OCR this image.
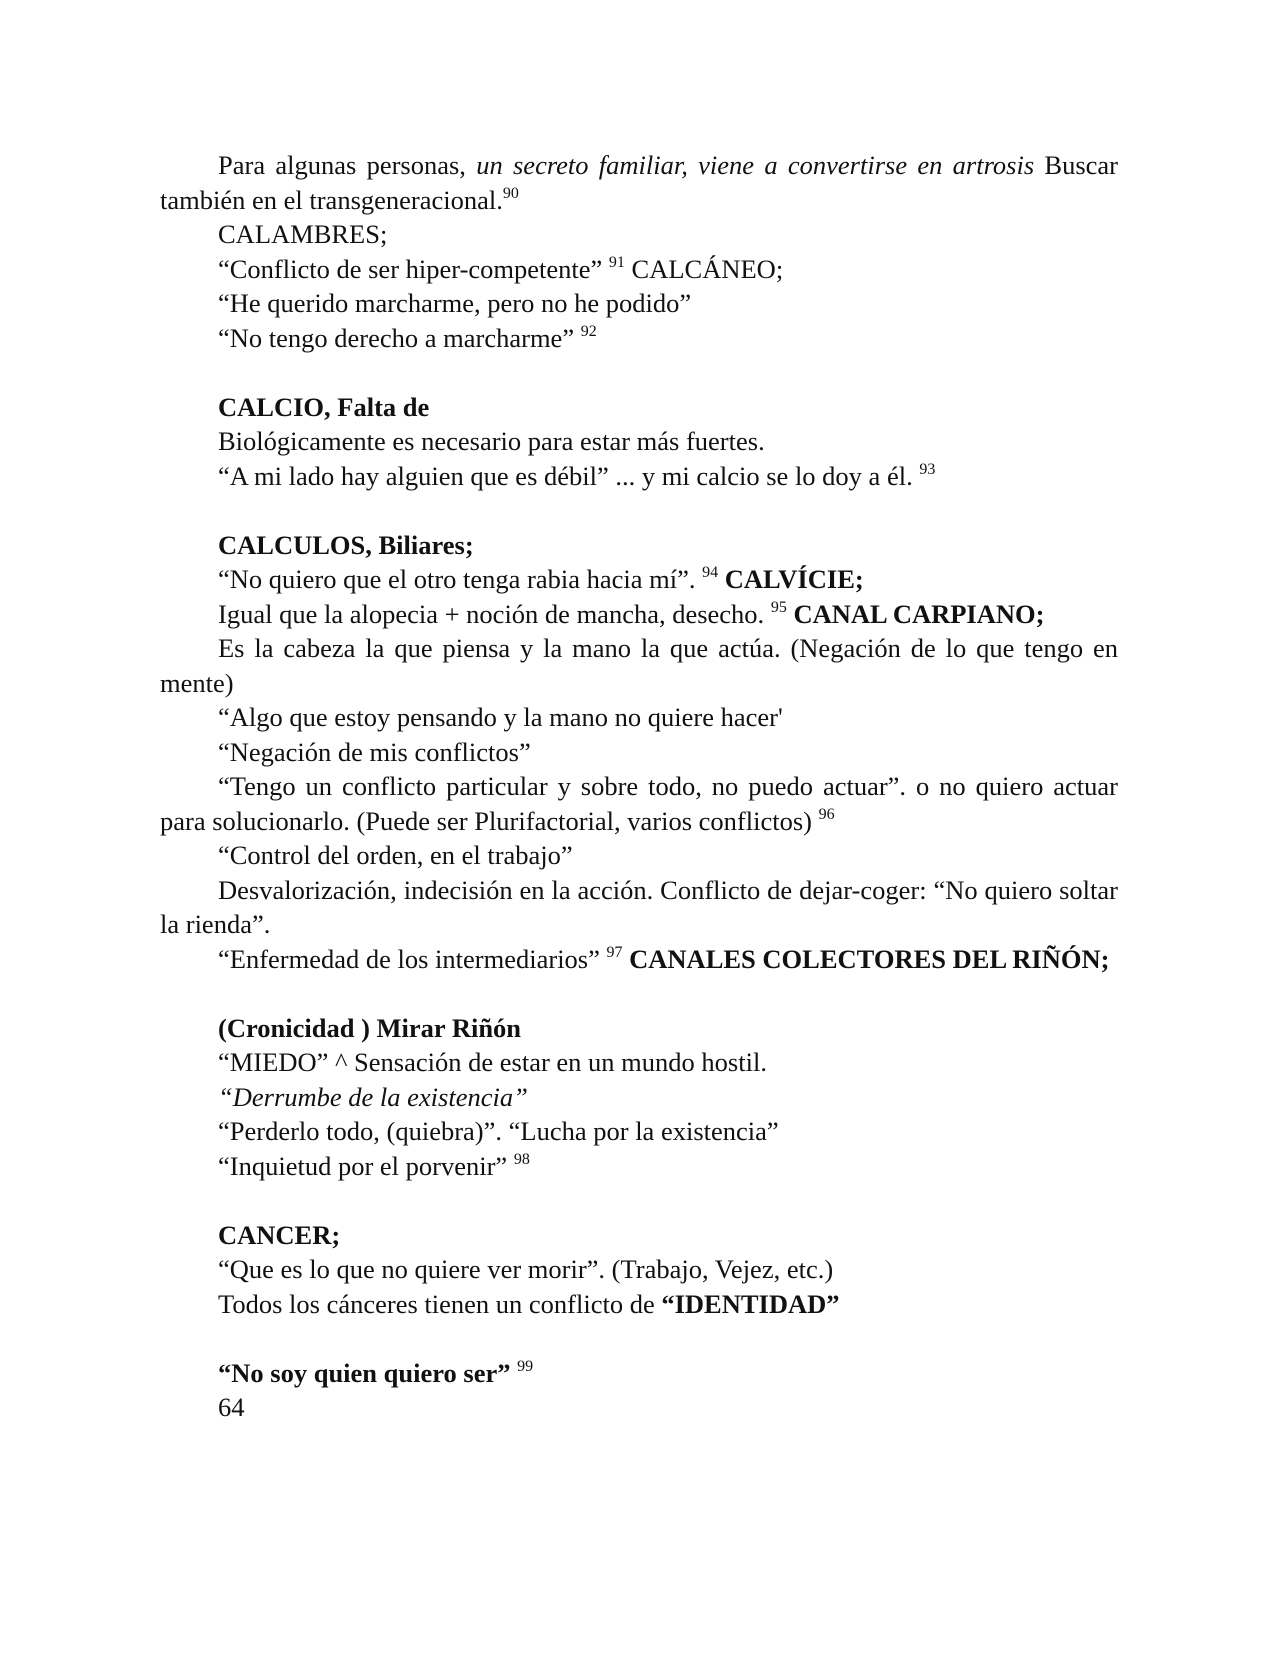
Para algunas personas, un secreto familiar, viene a convertirse en artrosis Buscar también en el transgeneracional.$^{90}$

CALAMBRES;

“Conflicto de ser hiper-competente” $^{91}$ CALCÁNEO;

“He querido marcharme, pero no he podido”

“No tengo derecho a marcharme” $^{92}$

CALCIO, Falta de

Biológicamente es necesario para estar más fuertes.

“A mi lado hay alguien que es débil” ... y mi calcio se lo doy a él. $^{93}$

CALCULOS, Biliares;

“No quiero que el otro tenga rabia hacia mí”. $^{94}$ CALVÍCIE;

Igual que la alopecia + noción de mancha, desecho. $^{95}$ CANAL CARPIANO;

Es la cabeza la que piensa y la mano la que actúa. (Negación de lo que tengo en mente)

“Algo que estoy pensando y la mano no quiere hacer'

“Negación de mis conflictos”

“Tengo un conflicto particular y sobre todo, no puedo actuar”. o no quiero actuar para solucionarlo. (Puede ser Plurifactorial, varios conflictos) $^{96}$

“Control del orden, en el trabajo”

Desvalorización, indecisión en la acción. Conflicto de dejar-coger: “No quiero soltar la rienda”.

“Enfermedad de los intermediarios” $^{97}$ CANALES COLECTORES DEL RIÑÓN;

(Cronicidad ) Mirar Riñón

“MIEDO” ^ Sensación de estar en un mundo hostil.

“Derrumbe de la existencia”

“Perderlo todo, (quiebra)”. “Lucha por la existencia”

“Inquietud por el porvenir” $^{98}$

CANCER;

“Que es lo que no quiere ver morir”. (Trabajo, Vejez, etc.)

Todos los cánceres tienen un conflicto de “IDENTIDAD”

“No soy quien quiero ser” $^{99}$

64
